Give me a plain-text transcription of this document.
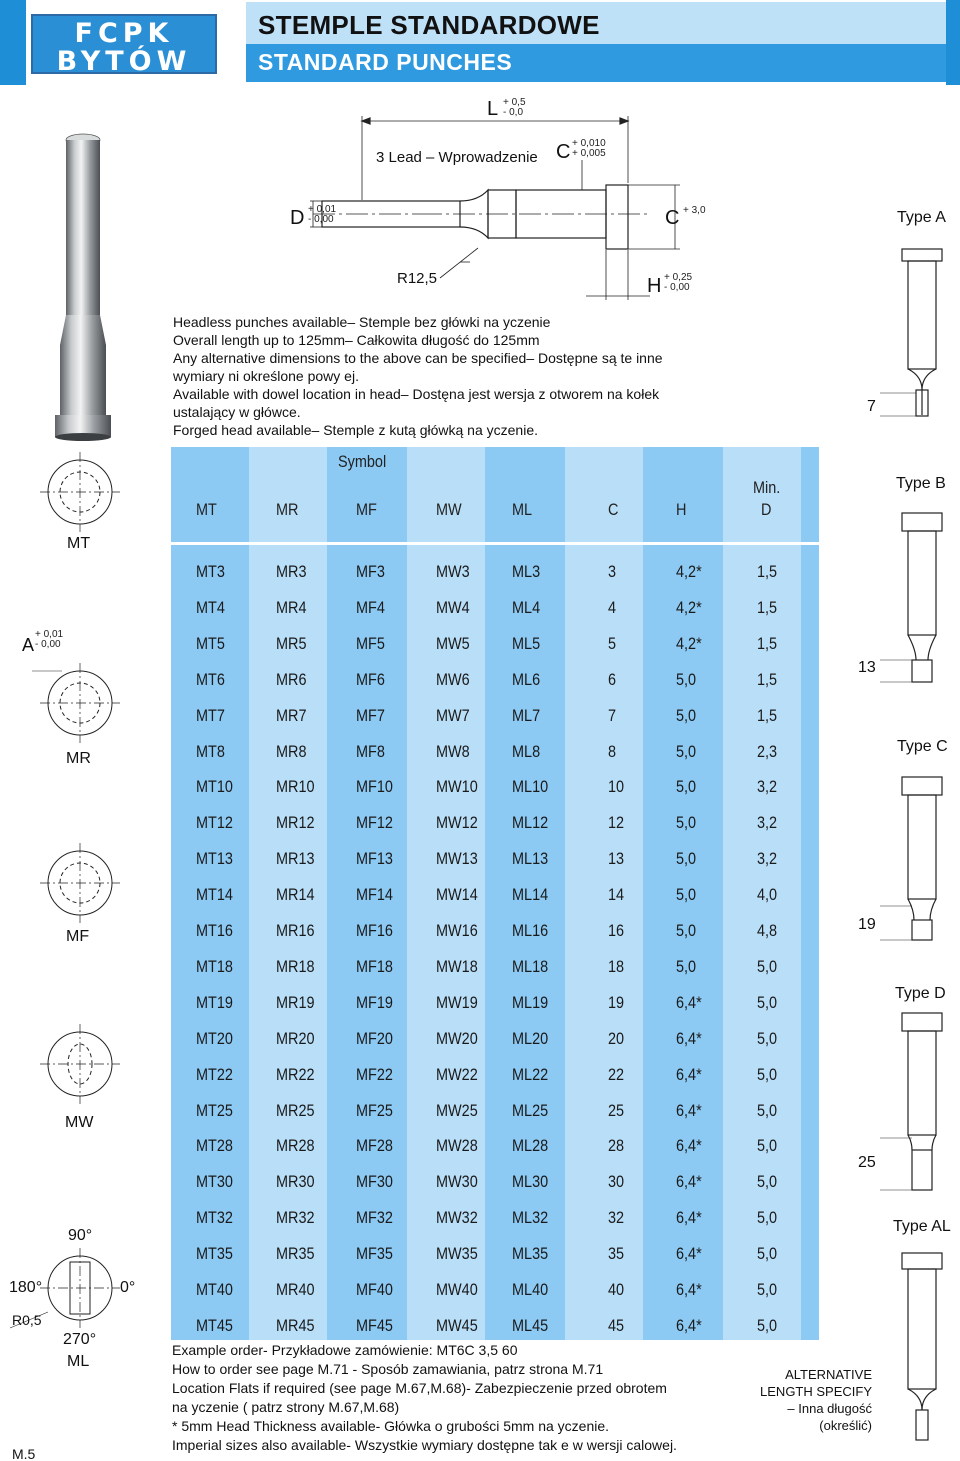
FCPK
BYTÓW
STEMPLE STANDARDOWE
STANDARD PUNCHES
L + 0,5
- 0,0
3 Lead – Wprowadzenie C + 0,010
+ 0,005
D + 0,01
- 0,00	C + 3,0
R12,5	H + 0,25
- 0,00
Type A
7
Type B
13
Type C
19
Type D
25
Type AL
MT
A
+ 0,01
- 0,00
MR
MF
MW
90°
180°	0°
R0,5
270°
ML
Headless punches available– Stemple bez główki na yczenie
Overall length up to 125mm– Całkowita długość do 125mm
Any alternative dimensions to the above can be specified– Dostępne są te inne
wymiary ni określone powy ej.
Available with dowel location in head– Dostęna jest wersja z otworem na kołek
ustalający w główce.
Forged head available– Stemple z kutą główką na yczenie.
Symbol
Min.
MT	MR	MF	MW	ML	C	H	D
MT3	MR3	MF3	MW3 ML3	3	4,2*	1,5
MT4	MR4	MF4	MW4 ML4	4	4,2*	1,5
MT5	MR5	MF5	MW5 ML5	5	4,2*	1,5
MT6	MR6	MF6	MW6 ML6	6	5,0	1,5
MT7	MR7	MF7	MW7 ML7	7	5,0	1,5
MT8	MR8	MF8	MW8 ML8	8	5,0	2,3
MT10	MR10 MF10	MW10 ML10	10	5,0	3,2
MT12	MR12 MF12	MW12 ML12	12	5,0	3,2
MT13	MR13 MF13	MW13 ML13	13	5,0	3,2
MT14	MR14 MF14	MW14 ML14	14	5,0	4,0
MT16	MR16 MF16	MW16 ML16	16	5,0	4,8
MT18	MR18 MF18	MW18 ML18	18	5,0	5,0
MT19	MR19 MF19	MW19 ML19	19	6,4*	5,0
MT20	MR20 MF20	MW20 ML20	20	6,4*	5,0
MT22	MR22 MF22	MW22 ML22	22	6,4*	5,0
MT25	MR25 MF25	MW25 ML25	25	6,4*	5,0
MT28	MR28 MF28	MW28 ML28	28	6,4*	5,0
MT30	MR30 MF30	MW30 ML30	30	6,4*	5,0
MT32	MR32 MF32	MW32 ML32	32	6,4*	5,0
MT35	MR35 MF35	MW35 ML35	35	6,4*	5,0
MT40	MR40 MF40	MW40 ML40	40	6,4*	5,0
MT45	MR45 MF45	MW45 ML45	45	6,4*	5,0
Example order- Przykładowe zamówienie: MT6C 3,5 60
How to order see page M.71 - Sposób zamawiania, patrz strona M.71
Location Flats if required (see page M.67,M.68)- Zabezpieczenie przed obrotem
na yczenie ( patrz strony M.67,M.68)
* 5mm Head Thickness available- Główka o grubości 5mm na yczenie.
Imperial sizes also available- Wszystkie wymiary dostępne tak e w wersji calowej.
ALTERNATIVE
LENGTH SPECIFY
– Inna długość
(określić)
M.5
